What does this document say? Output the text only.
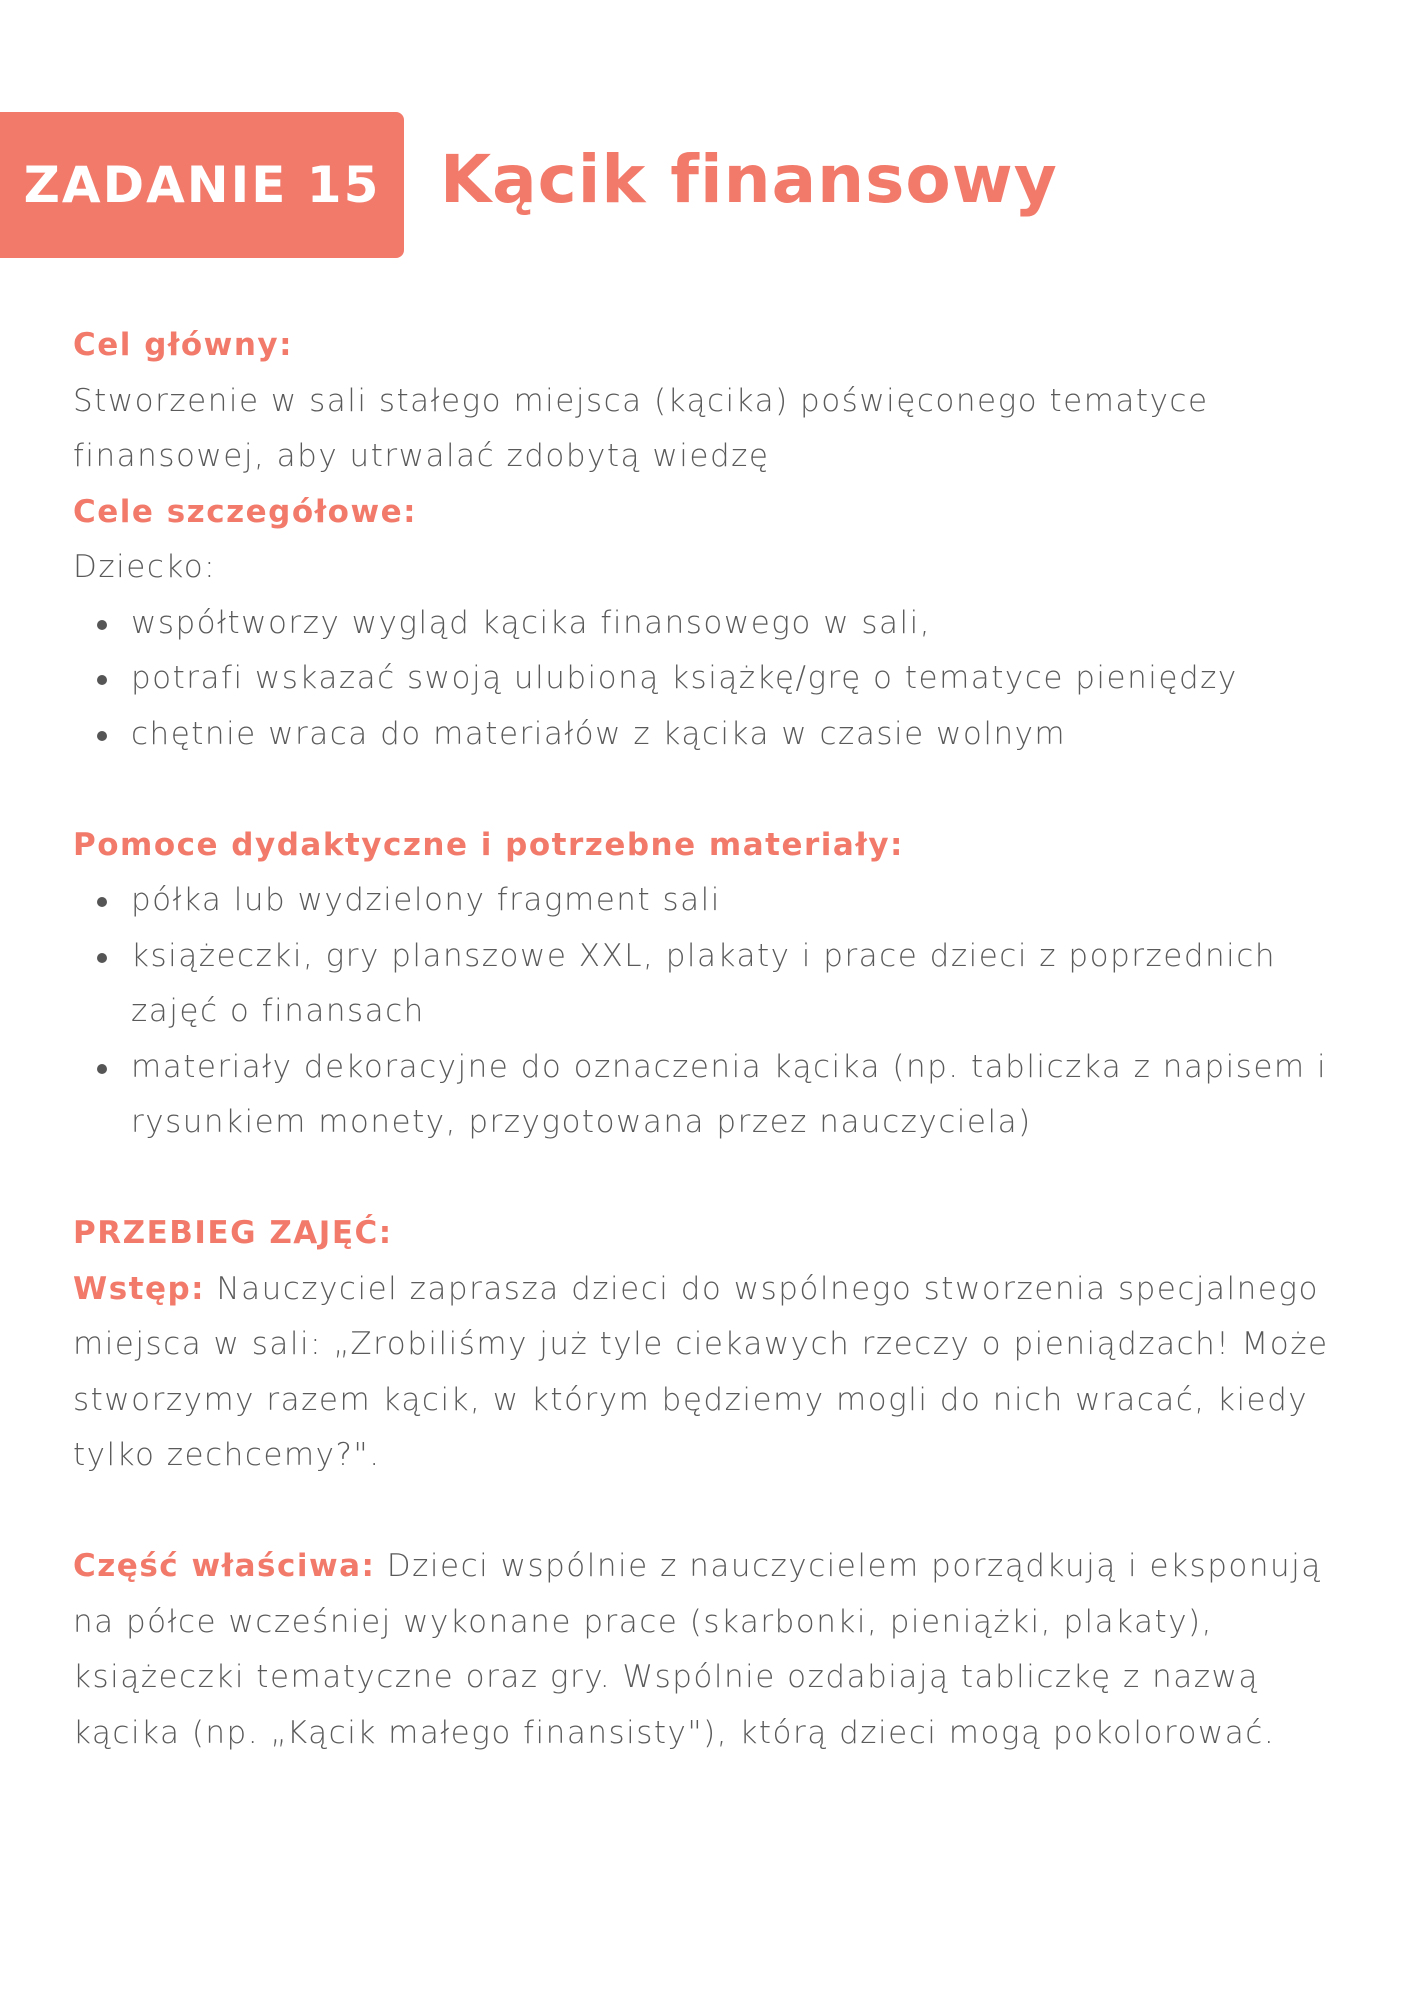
ZADANIE 15 Kącik finansowy
Cel główny:

Stworzenie w sali stałego miejsca (kącika) poświęconego tematyce finansowej, aby utrwalać zdobytą wiedzę

Cele szczegółowe:

Dziecko:

współtworzy wygląd kącika finansowego w sali,
potrafi wskazać swoją ulubioną książkę/grę o tematyce pieniędzy
chętnie wraca do materiałów z kącika w czasie wolnym
Pomoce dydaktyczne i potrzebne materiały:
półka lub wydzielony fragment sali
książeczki, gry planszowe XXL, plakaty i prace dzieci z poprzednich zajęć o finansach
materiały dekoracyjne do oznaczenia kącika (np. tabliczka z napisem i rysunkiem monety, przygotowana przez nauczyciela)
PRZEBIEG ZAJĘĆ:

Wstęp: Nauczyciel zaprasza dzieci do wspólnego stworzenia specjalnego miejsca w sali: „Zrobiliśmy już tyle ciekawych rzeczy o pieniądzach! Może stworzymy razem kącik, w którym będziemy mogli do nich wracać, kiedy tylko zechcemy?".

Część właściwa: Dzieci wspólnie z nauczycielem porządkują i eksponują na półce wcześniej wykonane prace (skarbonki, pieniążki, plakaty), książeczki tematyczne oraz gry. Wspólnie ozdabiają tabliczkę z nazwą kącika (np. „Kącik małego finansisty"), którą dzieci mogą pokolorować.
